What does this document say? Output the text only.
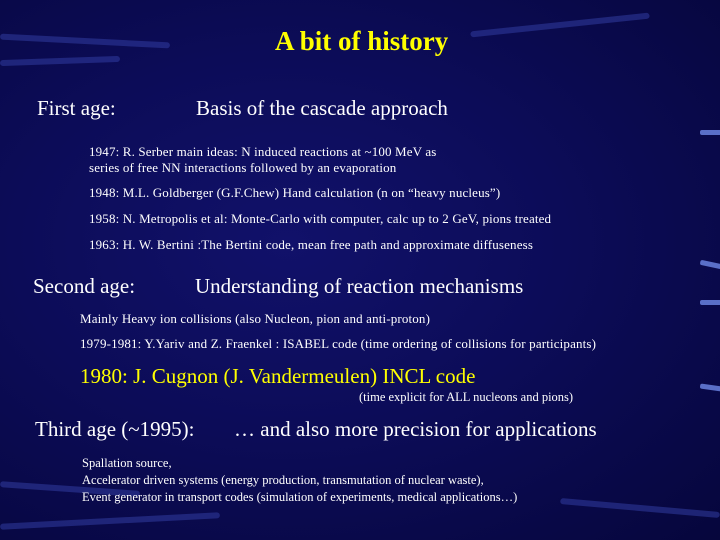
A bit of history
First age:	Basis of the cascade approach
1947: R. Serber main ideas: N induced reactions at ~100 MeV as
series of free NN interactions followed by an evaporation
1948: M.L. Goldberger (G.F.Chew) Hand calculation (n on “heavy nucleus”)
1958: N. Metropolis et al: Monte-Carlo with computer, calc up to 2 GeV, pions treated
1963: H. W. Bertini :The Bertini code, mean free path and approximate diffuseness
Second age:	Understanding of reaction mechanisms
Mainly Heavy ion collisions (also Nucleon, pion and anti-proton)
1979-1981: Y.Yariv and Z. Fraenkel : ISABEL code (time ordering of collisions for participants)
1980: J. Cugnon (J. Vandermeulen) INCL code
(time explicit for ALL nucleons and pions)
Third age (~1995): … and also more precision for applications
Spallation source,
Accelerator driven systems (energy production, transmutation of nuclear waste),
Event generator in transport codes (simulation of experiments, medical applications…)
